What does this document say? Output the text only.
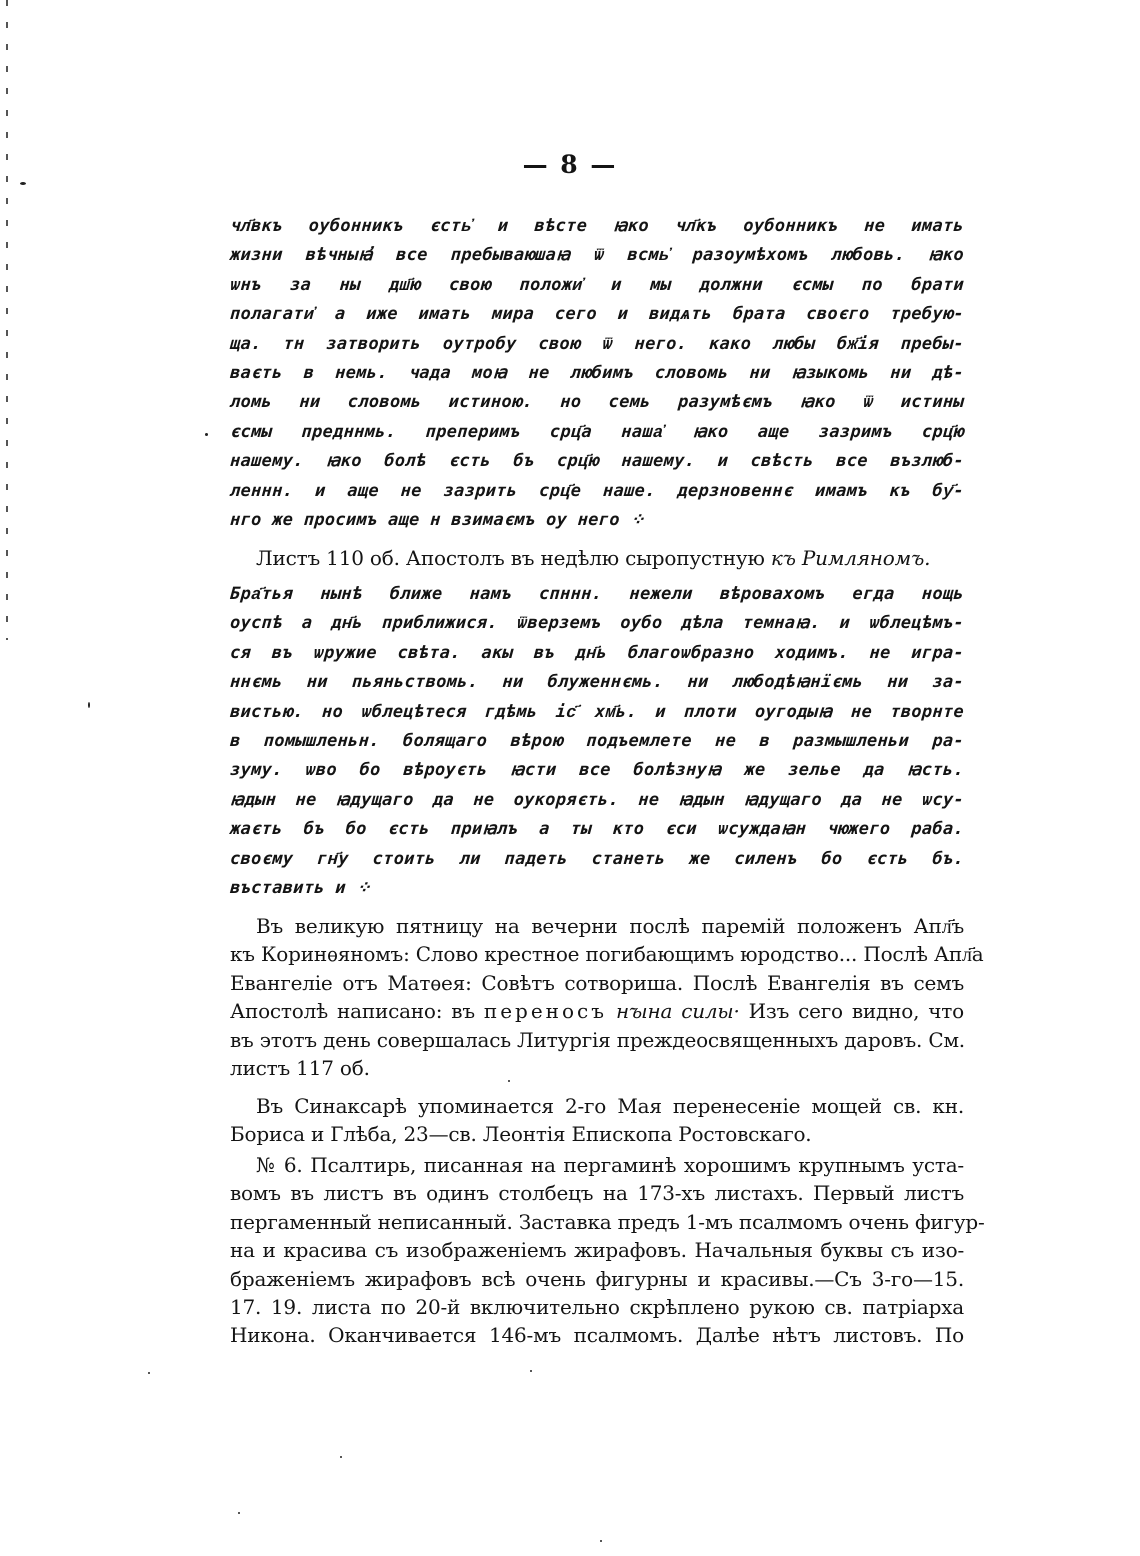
— 8 —
чл҃вкъ оубонникъ єсть҆ и вѣсте ꙗко чл҃къ оубонникъ не имать
жизни вѣчныꙗ҆ все пребываюшаꙗ ѿ всмь҆ разоумѣхомъ любовь. ꙗко
ѡнъ за ны дш҃ю свою положи҆ и мы должни єсмы по брати
полагати҆ а иже имать мира сего и видѧть брата своєго требую-
ща. тн затворить оутробу свою ѿ него. како любы бж҃ія пребы-
ваєть в немь. чада моꙗ не любимъ словомь ни ꙗзыкомь ни дѣ-
ломь ни словомь истиною. но семь разумѣємъ ꙗко ѿ истины
єсмы предннмь. преперимъ срц҃а наша҆ ꙗко аще зазримъ срц҃ю
нашему. ꙗко болѣ єсть бъ срц҃ю нашему. и свѣсть все възлюб-
леннн. и аще не зазрить срц҃е наше. дерзновеннє имамъ къ бу҃-
нго же просимъ аще н взимаємъ оу него ⁘
Листъ 110 об. Апостолъ въ недѣлю сыропустную къ Римляномъ.
Бра҃тья нынѣ ближе намъ спннн. нежели вѣровахомъ егда нощь
оуспѣ а дн҃ь приближися. ѿверземъ оубо дѣла темнаꙗ. и ѡблецѣмъ-
ся въ ѡружие свѣта. акы въ дн҃ь благоѡбразно ходимъ. не игра-
ннємь ни пьяньствомь. ни блуженнємь. ни любодѣꙗнїємь ни за-
вистью. но ѡблецѣтеся гдѣмь іс҃ хм҃ь. и плоти оугодыꙗ не творнте
в помышленьн. болящаго вѣрою подъемлете не в размышленьи ра-
зуму. ѡво бо вѣроуєть ꙗсти все болѣзнуꙗ же зелье да ꙗсть.
ꙗдын не ꙗдущаго да не оукоряєть. не ꙗдын ꙗдущаго да не ѡсу-
жаєть бъ бо єсть приꙗлъ а ты кто єси ѡсуждаꙗн чюжего раба.
своєму гн҃у стоить ли падеть станеть же силенъ бо єсть бъ.
въставить и ⁘
Въ великую пятницу на вечерни послѣ паремій положенъ Апл҃ъ
къ Коринѳяномъ: Слово крестное погибающимъ юродство... Послѣ Апл҃а
Евангеліе отъ Матѳея: Совѣтъ сотвориша. Послѣ Евангелія въ семъ
Апостолѣ написано: въ переносъ нꙑна силы· Изъ сего видно, что
въ этотъ день совершалась Литургія преждеосвященныхъ даровъ. См.
листъ 117 об.
Въ Синаксарѣ упоминается 2-го Мая перенесеніе мощей св. кн.
Бориса и Глѣба, 23—св. Леонтія Епископа Ростовскаго.
№ 6. Псалтирь, писанная на пергаминѣ хорошимъ крупнымъ уста-
вомъ въ листъ въ одинъ столбецъ на 173-хъ листахъ. Первый листъ
пергаменный неписанный. Заставка предъ 1-мъ псалмомъ очень фигур-
на и красива съ изображеніемъ жирафовъ. Начальныя буквы съ изо-
браженіемъ жирафовъ всѣ очень фигурны и красивы.—Съ 3-го—15.
17. 19. листа по 20-й включительно скрѣплено рукою св. патріарха
Никона. Оканчивается 146-мъ псалмомъ. Далѣе нѣтъ листовъ. По
